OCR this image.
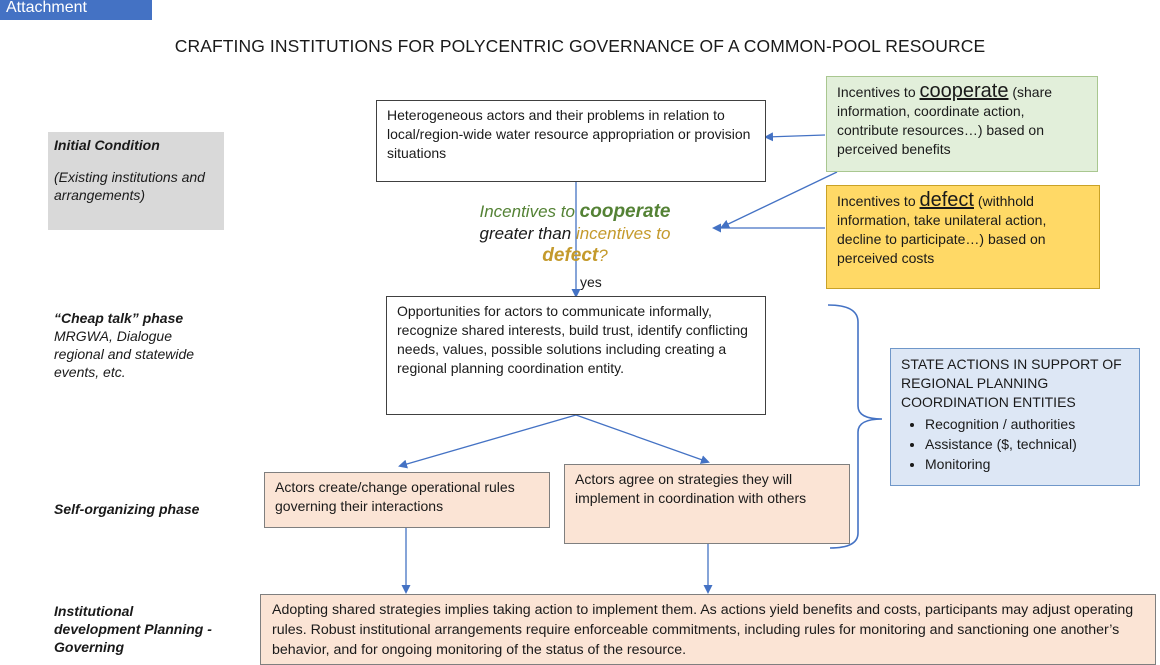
Attachment
CRAFTING INSTITUTIONS FOR POLYCENTRIC GOVERNANCE OF A COMMON-POOL RESOURCE
Initial Condition
(Existing institutions and arrangements)
“Cheap talk” phase
MRGWA, Dialogue regional and statewide events, etc.
Self-organizing phase
Institutional development Planning - Governing
Heterogeneous actors and their problems in relation to local/region-wide water resource appropriation or provision situations
Incentives to cooperate (share information, coordinate action, contribute resources…) based on perceived benefits
Incentives to defect (withhold information, take unilateral action, decline to participate…) based on perceived costs
Incentives to cooperate
greater than incentives to
defect?
yes
Opportunities for actors to communicate informally, recognize shared interests, build trust, identify conflicting needs, values, possible solutions including creating a regional planning coordination entity.	STATE ACTIONS IN SUPPORT OF REGIONAL PLANNING COORDINATION ENTITIES
• Recognition / authorities
• Assistance ($, technical)
• Monitoring
Actors create/change operational rules governing their interactions
Actors agree on strategies they will implement in coordination with others
Adopting shared strategies implies taking action to implement them. As actions yield benefits and costs, participants may adjust operating rules. Robust institutional arrangements require enforceable commitments, including rules for monitoring and sanctioning one another’s behavior, and for ongoing monitoring of the status of the resource.
